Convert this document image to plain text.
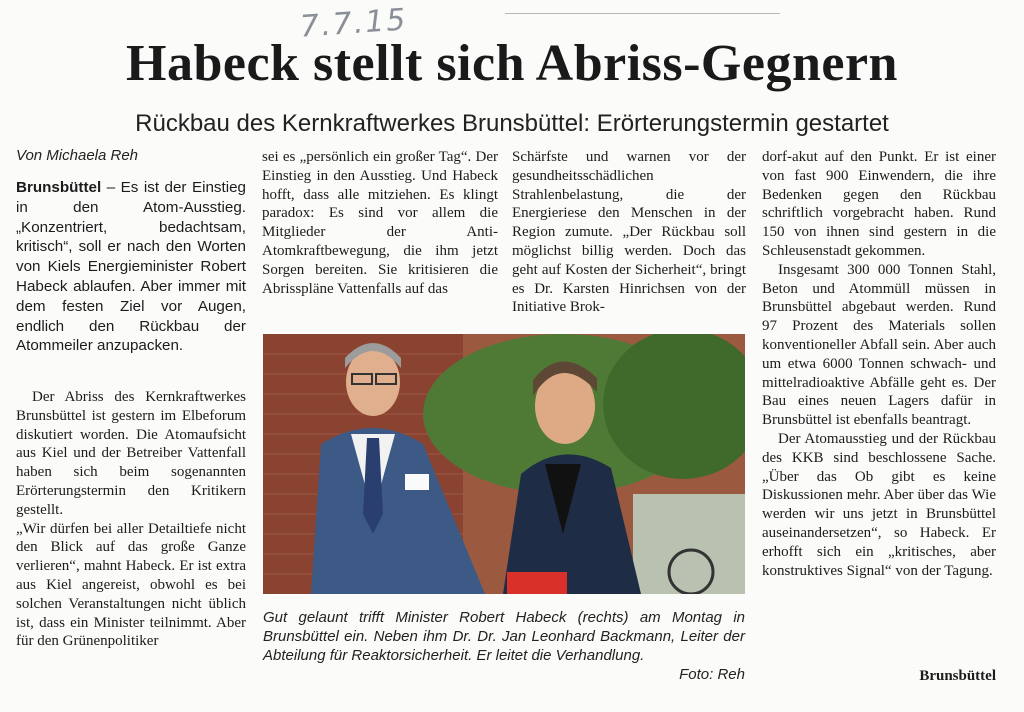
7.7.15
Habeck stellt sich Abriss-Gegnern
Rückbau des Kernkraftwerkes Brunsbüttel: Erörterungstermin gestartet
Von Michaela Reh

Brunsbüttel – Es ist der Einstieg in den Atom-Ausstieg. „Konzentriert, bedachtsam, kritisch“, soll er nach den Worten von Kiels Energieminister Robert Habeck ablaufen. Aber immer mit dem festen Ziel vor Augen, endlich den Rückbau der Atommeiler anzupacken.

Der Abriss des Kernkraftwerkes Brunsbüttel ist gestern im Elbeforum diskutiert worden. Die Atomaufsicht aus Kiel und der Betreiber Vattenfall haben sich beim sogenannten Erörterungstermin den Kritikern gestellt.

„Wir dürfen bei aller Detailtiefe nicht den Blick auf das große Ganze verlieren“, mahnt Habeck. Er ist extra aus Kiel angereist, obwohl es bei solchen Veranstaltungen nicht üblich ist, dass ein Minister teilnimmt. Aber für den Grünenpolitiker

sei es „persönlich ein großer Tag“. Der Einstieg in den Ausstieg. Und Habeck hofft, dass alle mitziehen. Es klingt paradox: Es sind vor allem die Mitglieder der Anti-Atomkraftbewegung, die ihm jetzt Sorgen bereiten. Sie kritisieren die Abrisspläne Vattenfalls auf das

Schärfste und warnen vor der gesundheitsschädlichen Strahlenbelastung, die der Energieriese den Menschen in der Region zumute. „Der Rückbau soll möglichst billig werden. Doch das geht auf Kosten der Sicherheit“, bringt es Dr. Karsten Hinrichsen von der Initiative Brok-

dorf-akut auf den Punkt. Er ist einer von fast 900 Einwendern, die ihre Bedenken gegen den Rückbau schriftlich vorgebracht haben. Rund 150 von ihnen sind gestern in die Schleusenstadt gekommen.

Insgesamt 300 000 Tonnen Stahl, Beton und Atommüll müssen in Brunsbüttel abgebaut werden. Rund 97 Prozent des Materials sollen konventioneller Abfall sein. Aber auch um etwa 6000 Tonnen schwach- und mittelradioaktive Abfälle geht es. Der Bau eines neuen Lagers dafür in Brunsbüttel ist ebenfalls beantragt.

Der Atomausstieg und der Rückbau des KKB sind beschlossene Sache. „Über das Ob gibt es keine Diskussionen mehr. Aber über das Wie werden wir uns jetzt in Brunsbüttel auseinandersetzen“, so Habeck. Er erhofft sich ein „kritisches, aber konstruktives Signal“ von der Tagung.

Brunsbüttel
Gut gelaunt trifft Minister Robert Habeck (rechts) am Montag in Brunsbüttel ein. Neben ihm Dr. Dr. Jan Leonhard Backmann, Leiter der Abteilung für Reaktorsicherheit. Er leitet die Verhandlung.
Foto: Reh
